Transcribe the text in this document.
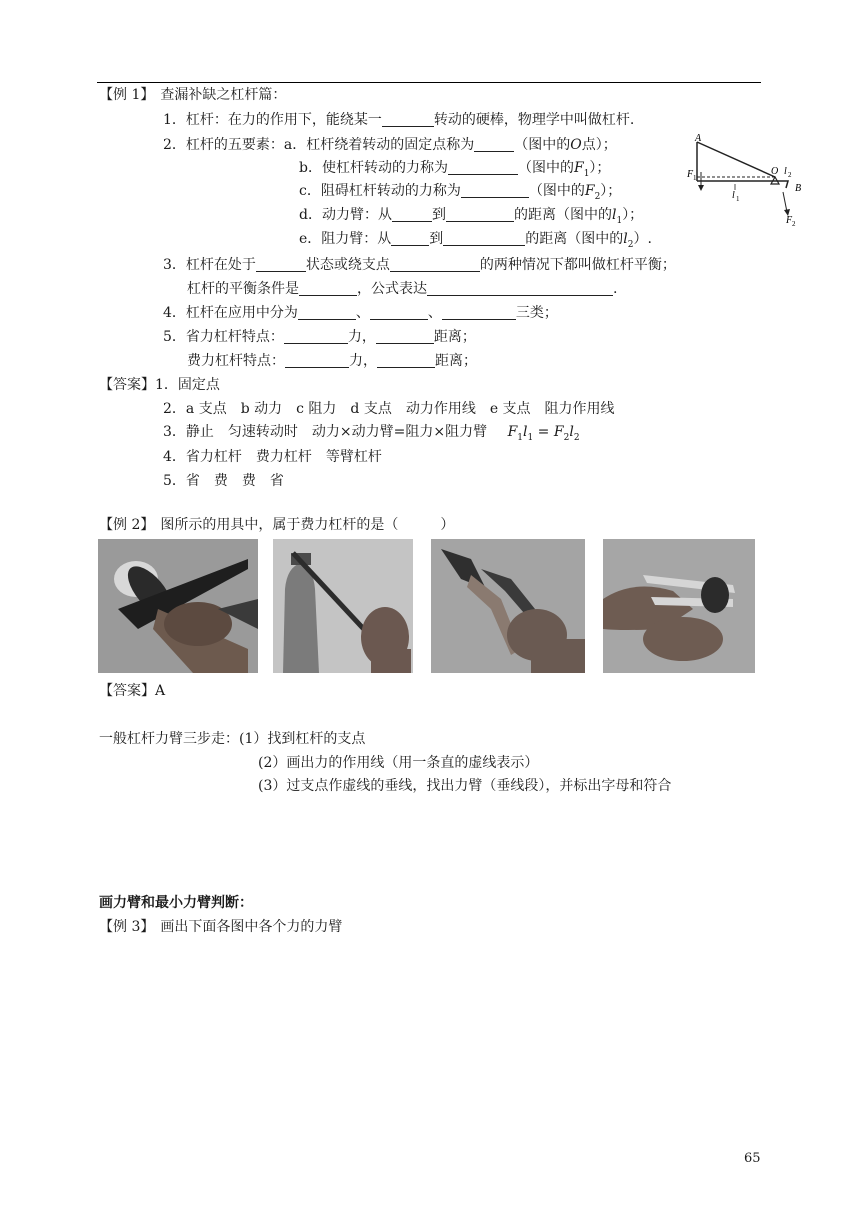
【例 1】 查漏补缺之杠杆篇：
1．杠杆：在力的作用下，能绕某一	转动的硬棒，物理学中叫做杠杆.
2．杠杆的五要素：a．杠杆绕着转动的固定点称为	（图中的O点）；
b．使杠杆转动的力称为	（图中的$F_1$）；
c．阻碍杠杆转动的力称为	（图中的$F_2$）；
d．动力臂：从	到	的距离（图中的$l_1$）；
e．阻力臂：从	到	的距离（图中的$l_2$）.
A
O l 2
B
F 1
l 1
F 2
3．杠杆在处于	状态或绕支点	的两种情况下都叫做杠杆平衡；
杠杆的平衡条件是	，公式表达	.
4．杠杆在应用中分为	、	、	三类；
5．省力杠杆特点：	力，	距离；
费力杠杆特点：	力，	距离；
【答案】1．固定点
2．a 支点　b 动力　c 阻力　d 支点　动力作用线　e 支点　阻力作用线
3．静止　匀速转动时　动力×动力臂=阻力×阻力臂 $F_1l_1 = F_2l_2$
4．省力杠杆　费力杠杆　等臂杠杆
5．省　费　费　省
【例 2】 图所示的用具中，属于费力杠杆的是（　　　）
【答案】A
一般杠杆力臂三步走：(1）找到杠杆的支点
(2）画出力的作用线（用一条直的虚线表示）
(3）过支点作虚线的垂线，找出力臂（垂线段），并标出字母和符合
画力臂和最小力臂判断：
【例 3】 画出下面各图中各个力的力臂
65
